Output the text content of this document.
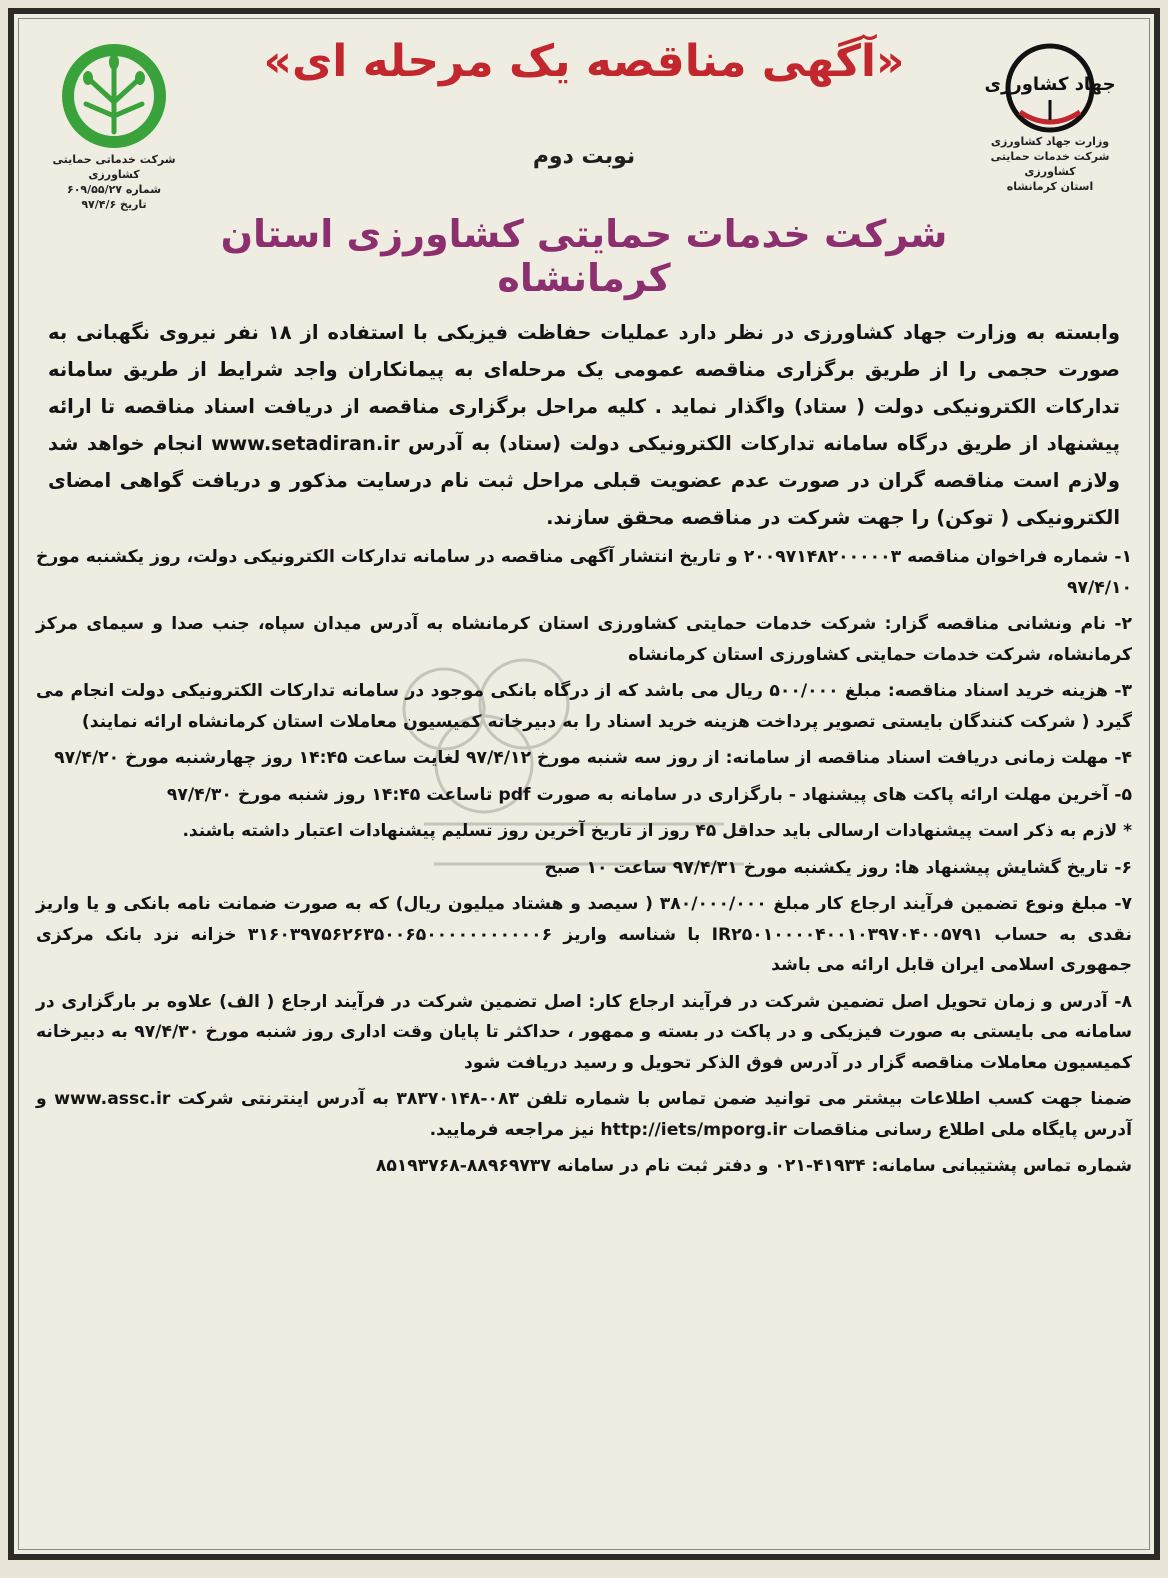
شرکت خدماتی حمایتی کشاورزی
شماره ۶۰۹/۵۵/۲۷
تاریخ ۹۷/۴/۶
جهاد کشاورزی
وزارت جهاد کشاورزی
شرکت خدمات حمایتی کشاورزی
استان کرمانشاه
«آگهی مناقصه یک مرحله ای»
نوبت دوم
شرکت خدمات حمایتی کشاورزی استان کرمانشاه

وابسته به وزارت جهاد کشاورزی در نظر دارد عملیات حفاظت فیزیکی با استفاده از ۱۸ نفر نیروی نگهبانی به صورت حجمی را از طریق برگزاری مناقصه عمومی یک مرحله‌ای به پیمانکاران واجد شرایط از طریق سامانه تدارکات الکترونیکی دولت ( ستاد) واگذار نماید . کلیه مراحل برگزاری مناقصه از دریافت اسناد مناقصه تا ارائه پیشنهاد از طریق درگاه سامانه تدارکات الکترونیکی دولت (ستاد) به آدرس www.setadiran.ir انجام خواهد شد ولازم است مناقصه گران در صورت عدم عضویت قبلی مراحل ثبت نام درسایت مذکور و دریافت گواهی امضای الکترونیکی ( توکن) را جهت شرکت در مناقصه محقق سازند.

۱- شماره فراخوان مناقصه ۲۰۰۹۷۱۴۸۲۰۰۰۰۰۳ و تاریخ انتشار آگهی مناقصه در سامانه تدارکات الکترونیکی دولت، روز یکشنبه مورخ ۹۷/۴/۱۰

۲- نام ونشانی مناقصه گزار: شرکت خدمات حمایتی کشاورزی استان کرمانشاه به آدرس میدان سپاه، جنب صدا و سیمای مرکز کرمانشاه، شرکت خدمات حمایتی کشاورزی استان کرمانشاه

۳- هزینه خرید اسناد مناقصه: مبلغ ۵۰۰/۰۰۰ ریال می باشد که از درگاه بانکی موجود در سامانه تدارکات الکترونیکی دولت انجام می گیرد ( شرکت کنندگان بایستی تصویر پرداخت هزینه خرید اسناد را به دبیرخانه کمیسیون معاملات استان کرمانشاه ارائه نمایند)

۴- مهلت زمانی دریافت اسناد مناقصه از سامانه: از روز سه شنبه مورخ ۹۷/۴/۱۲ لغایت ساعت ۱۴:۴۵ روز چهارشنبه مورخ ۹۷/۴/۲۰

۵- آخرین مهلت ارائه پاکت های پیشنهاد - بارگزاری در سامانه به صورت pdf تاساعت ۱۴:۴۵ روز شنبه مورخ ۹۷/۴/۳۰

* لازم به ذکر است پیشنهادات ارسالی باید حداقل ۴۵ روز از تاریخ آخرین روز تسلیم پیشنهادات اعتبار داشته باشند.

۶- تاریخ گشایش پیشنهاد ها: روز یکشنبه مورخ ۹۷/۴/۳۱ ساعت ۱۰ صبح

۷- مبلغ ونوع تضمین فرآیند ارجاع کار مبلغ ۳۸۰/۰۰۰/۰۰۰ ( سیصد و هشتاد میلیون ریال) که به صورت ضمانت نامه بانکی و یا واریز نقدی به حساب IR۲۵۰۱۰۰۰۰۴۰۰۱۰۳۹۷۰۴۰۰۵۷۹۱ با شناسه واریز ۳۱۶۰۳۹۷۵۶۲۶۳۵۰۰۶۵۰۰۰۰۰۰۰۰۰۰۰۶ خزانه نزد بانک مرکزی جمهوری اسلامی ایران قابل ارائه می باشد

۸- آدرس و زمان تحویل اصل تضمین شرکت در فرآیند ارجاع کار: اصل تضمین شرکت در فرآیند ارجاع ( الف) علاوه بر بارگزاری در سامانه می بایستی به صورت فیزیکی و در پاکت در بسته و ممهور ، حداکثر تا پایان وقت اداری روز شنبه مورخ ۹۷/۴/۳۰ به دبیرخانه کمیسیون معاملات مناقصه گزار در آدرس فوق الذکر تحویل و رسید دریافت شود

ضمنا جهت کسب اطلاعات بیشتر می توانید ضمن تماس با شماره تلفن ۰۸۳-۳۸۳۷۰۱۴۸ به آدرس اینترنتی شرکت www.assc.ir و آدرس پایگاه ملی اطلاع رسانی مناقصات http://iets/mporg.ir نیز مراجعه فرمایید.

شماره تماس پشتیبانی سامانه: ۴۱۹۳۴-۰۲۱ و دفتر ثبت نام در سامانه ۸۸۹۶۹۷۳۷-۸۵۱۹۳۷۶۸
